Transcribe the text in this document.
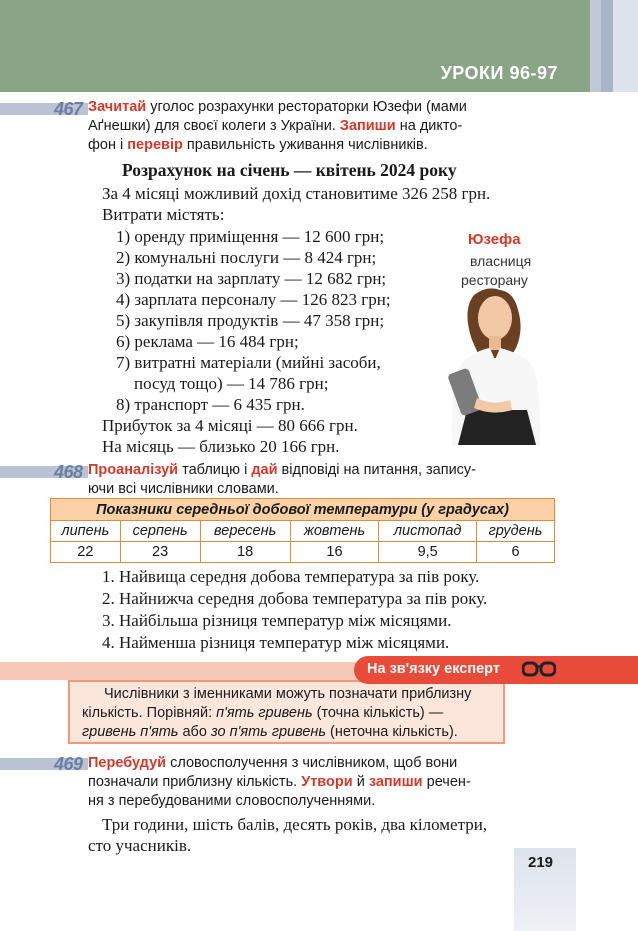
УРОКИ 96-97
467 Зачитай уголос розрахунки рестораторки Юзефи (мами
Аґнешки) для своєї колеги з України. Запиши на дикто-
фон і перевір правильність уживання числівників.
Розрахунок на січень — квітень 2024 року
За 4 місяці можливий дохід становитиме 326 258 грн.
Витрати містять:
1) оренду приміщення — 12 600 грн;
2) комунальні послуги — 8 424 грн;
3) податки на зарплату — 12 682 грн;
4) зарплата персоналу — 126 823 грн;
5) закупівля продуктів — 47 358 грн;
6) реклама — 16 484 грн;
7) витратні матеріали (мийні засоби,
посуд тощо) — 14 786 грн;
8) транспорт — 6 435 грн.
Прибуток за 4 місяці — 80 666 грн.
На місяць — близько 20 166 грн.
Юзефа
власниця
ресторану
468 Проаналізуй таблицю і дай відповіді на питання, запису-
ючи всі числівники словами.
Показники середньої добової температури (у градусах)					
липень	серпень	вересень	жовтень	листопад	грудень
22	23	18	16	9,5	6
1. Найвища середня добова температура за пів року.
2. Найнижча середня добова температура за пів року.
3. Найбільша різниця температур між місяцями.
4. Найменша різниця температур між місяцями.
На зв'язку експерт
Числівники з іменниками можуть позначати приблизну
кількість. Порівняй: п'ять гривень (точна кількість) —
гривень п'ять або зо п'ять гривень (неточна кількість).
469 Перебудуй словосполучення з числівником, щоб вони
позначали приблизну кількість. Утвори й запиши речен-
ня з перебудованими словосполученнями.
Три години, шість балів, десять років, два кілометри,
сто учасників.
219
